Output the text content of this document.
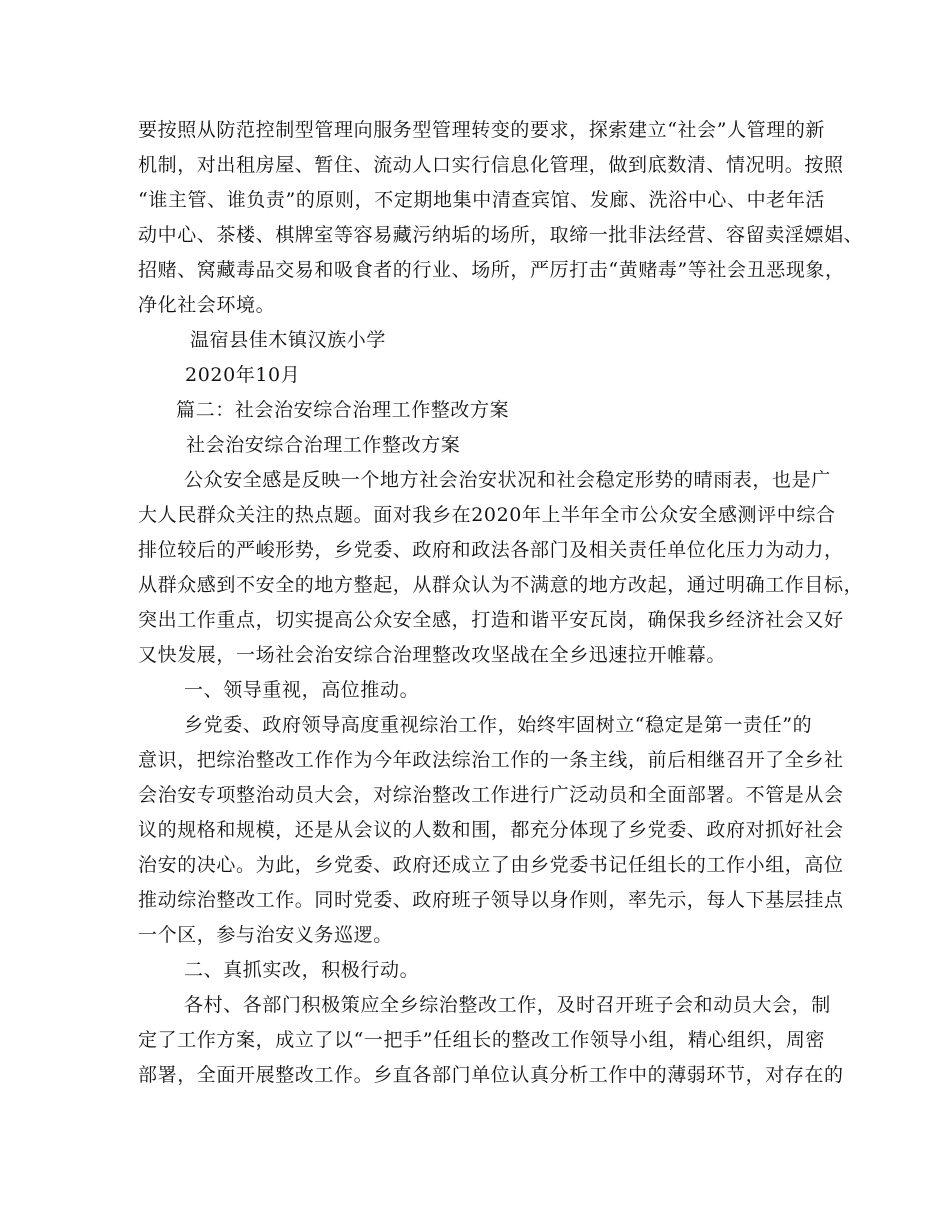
要按照从防范控制型管理向服务型管理转变的要求，探索建立“社会”人管理的新
机制，对出租房屋、暂住、流动人口实行信息化管理，做到底数清、情况明。按照
“谁主管、谁负责”的原则，不定期地集中清查宾馆、发廊、洗浴中心、中老年活
动中心、茶楼、棋牌室等容易藏污纳垢的场所，取缔一批非法经营、容留卖淫嫖娼、
招赌、窝藏毒品交易和吸食者的行业、场所，严厉打击“黄赌毒”等社会丑恶现象，
净化社会环境。
温宿县佳木镇汉族小学
2020年10月
篇二：社会治安综合治理工作整改方案
社会治安综合治理工作整改方案
公众安全感是反映一个地方社会治安状况和社会稳定形势的晴雨表，也是广
大人民群众关注的热点题。面对我乡在2020年上半年全市公众安全感测评中综合
排位较后的严峻形势，乡党委、政府和政法各部门及相关责任单位化压力为动力，
从群众感到不安全的地方整起，从群众认为不满意的地方改起，通过明确工作目标，
突出工作重点，切实提高公众安全感，打造和谐平安瓦岗，确保我乡经济社会又好
又快发展，一场社会治安综合治理整改攻坚战在全乡迅速拉开帷幕。
一、领导重视，高位推动。
乡党委、政府领导高度重视综治工作，始终牢固树立“稳定是第一责任”的
意识，把综治整改工作作为今年政法综治工作的一条主线，前后相继召开了全乡社
会治安专项整治动员大会，对综治整改工作进行广泛动员和全面部署。不管是从会
议的规格和规模，还是从会议的人数和围，都充分体现了乡党委、政府对抓好社会
治安的决心。为此，乡党委、政府还成立了由乡党委书记任组长的工作小组，高位
推动综治整改工作。同时党委、政府班子领导以身作则，率先示，每人下基层挂点
一个区，参与治安义务巡逻。
二、真抓实改，积极行动。
各村、各部门积极策应全乡综治整改工作，及时召开班子会和动员大会，制
定了工作方案，成立了以“一把手”任组长的整改工作领导小组，精心组织，周密
部署，全面开展整改工作。乡直各部门单位认真分析工作中的薄弱环节，对存在的
